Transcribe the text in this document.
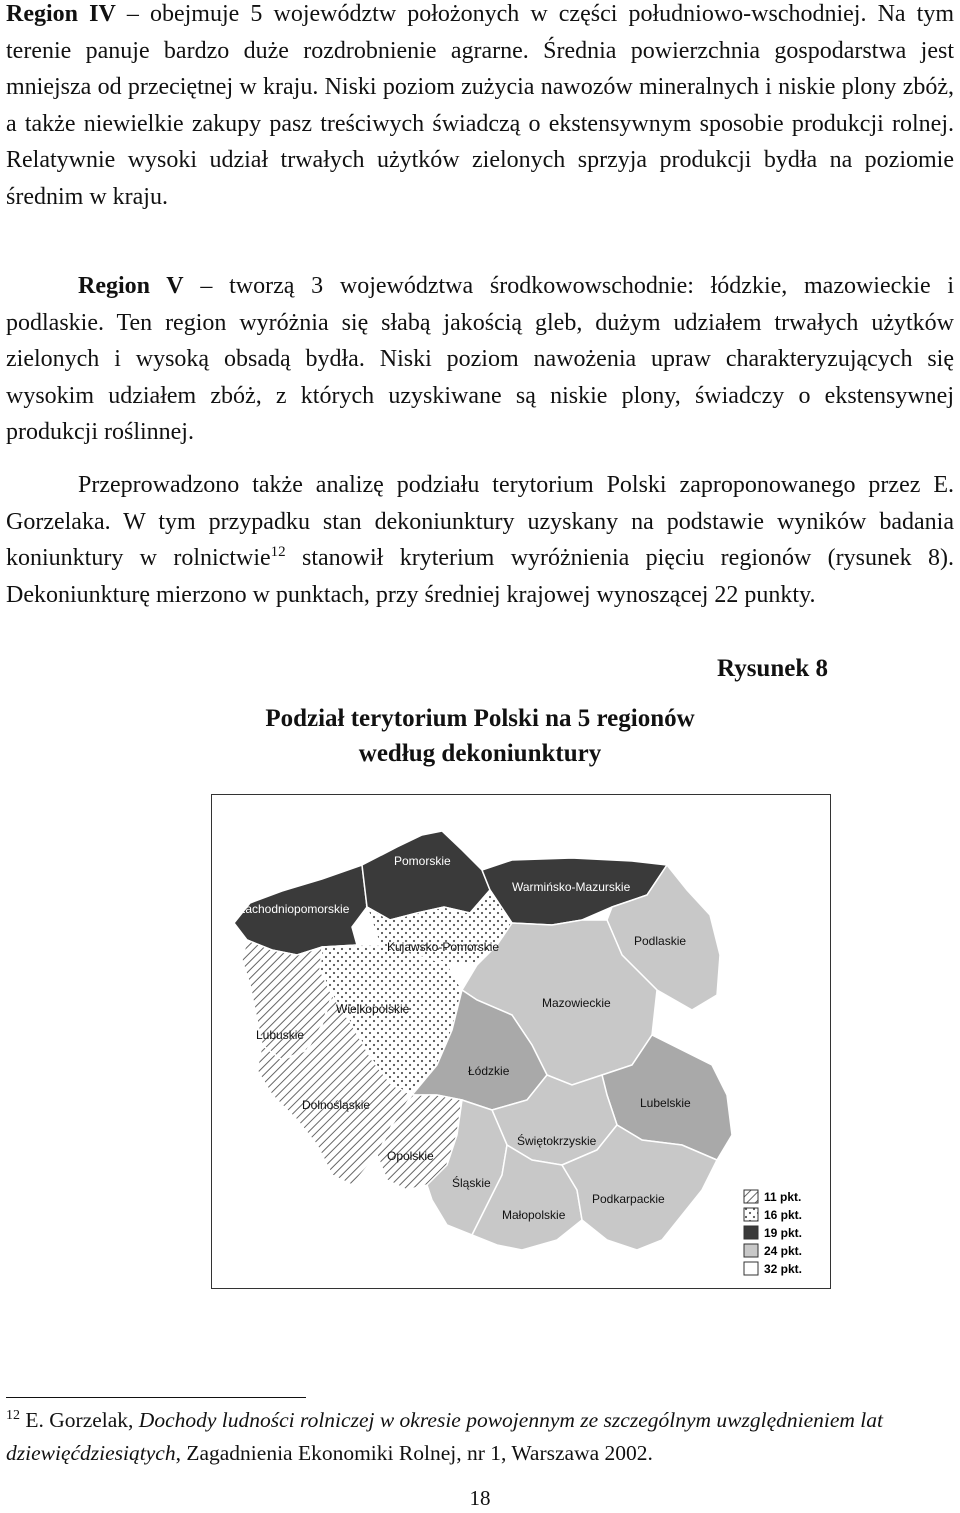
Region IV – obejmuje 5 województw położonych w części południowo-wschodniej. Na tym terenie panuje bardzo duże rozdrobnienie agrarne. Średnia powierzchnia gospodarstwa jest mniejsza od przeciętnej w kraju. Niski poziom zużycia nawozów mineralnych i niskie plony zbóż, a także niewielkie zakupy pasz treściwych świadczą o ekstensywnym sposobie produkcji rolnej. Relatywnie wysoki udział trwałych użytków zielonych sprzyja produkcji bydła na poziomie średnim w kraju.

Region V – tworzą 3 województwa środkowowschodnie: łódzkie, mazowieckie i podlaskie. Ten region wyróżnia się słabą jakością gleb, dużym udziałem trwałych użytków zielonych i wysoką obsadą bydła. Niski poziom nawożenia upraw charakteryzujących się wysokim udziałem zbóż, z których uzyskiwane są niskie plony, świadczy o ekstensywnej produkcji roślinnej.

Przeprowadzono także analizę podziału terytorium Polski zaproponowanego przez E. Gorzelaka. W tym przypadku stan dekoniunktury uzyskany na podstawie wyników badania koniunktury w rolnictwie$^{12}$ stanowił kryterium wyróżnienia pięciu regionów (rysunek 8). Dekoniunkturę mierzono w punktach, przy średniej krajowej wynoszącej 22 punkty.

Rysunek 8
Podział terytorium Polski na 5 regionów
według dekoniunktury
Pomorskie
Warmińsko-Mazurskie
Zachodniopomorskie
Podlaskie
Kujawsko-Pomorskie
Mazowieckie
Wielkopolskie
Lubuskie
Łódzkie
Lubelskie
Dolnośląskie
Świętokrzyskie
Opolskie
Śląskie
Podkarpackie
Małopolskie
11 pkt.
16 pkt.
19 pkt.
24 pkt.
32 pkt.

$^{12}$ E. Gorzelak, Dochody ludności rolniczej w okresie powojennym ze szczególnym uwzględnieniem lat dziewięćdziesiątych, Zagadnienia Ekonomiki Rolnej, nr 1, Warszawa 2002.

18
